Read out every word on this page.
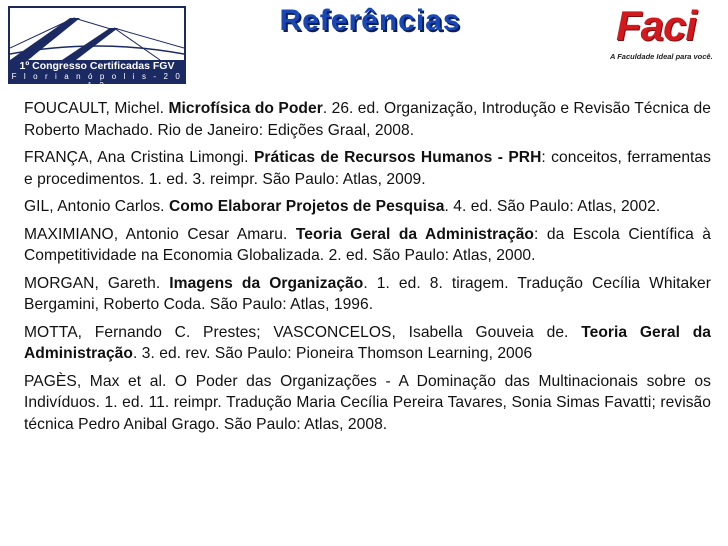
1º Congresso Certificadas FGV
F l o r i a n ó p o l i s - 2 0 1 2
Referências	Faci
A Faculdade Ideal para você.

FOUCAULT, Michel. Microfísica do Poder. 26. ed. Organização, Introdução e Revisão Técnica de Roberto Machado. Rio de Janeiro: Edições Graal, 2008.

FRANÇA, Ana Cristina Limongi. Práticas de Recursos Humanos - PRH: conceitos, ferramentas e procedimentos. 1. ed. 3. reimpr. São Paulo: Atlas, 2009.

GIL, Antonio Carlos. Como Elaborar Projetos de Pesquisa. 4. ed. São Paulo: Atlas, 2002.

MAXIMIANO, Antonio Cesar Amaru. Teoria Geral da Administração: da Escola Científica à Competitividade na Economia Globalizada. 2. ed. São Paulo: Atlas, 2000.

MORGAN, Gareth. Imagens da Organização. 1. ed. 8. tiragem. Tradução Cecília Whitaker Bergamini, Roberto Coda. São Paulo: Atlas, 1996.

MOTTA, Fernando C. Prestes; VASCONCELOS, Isabella Gouveia de. Teoria Geral da Administração. 3. ed. rev. São Paulo: Pioneira Thomson Learning, 2006

PAGÈS, Max et al. O Poder das Organizações - A Dominação das Multinacionais sobre os Indivíduos. 1. ed. 11. reimpr. Tradução Maria Cecília Pereira Tavares, Sonia Simas Favatti; revisão técnica Pedro Anibal Grago. São Paulo: Atlas, 2008.
